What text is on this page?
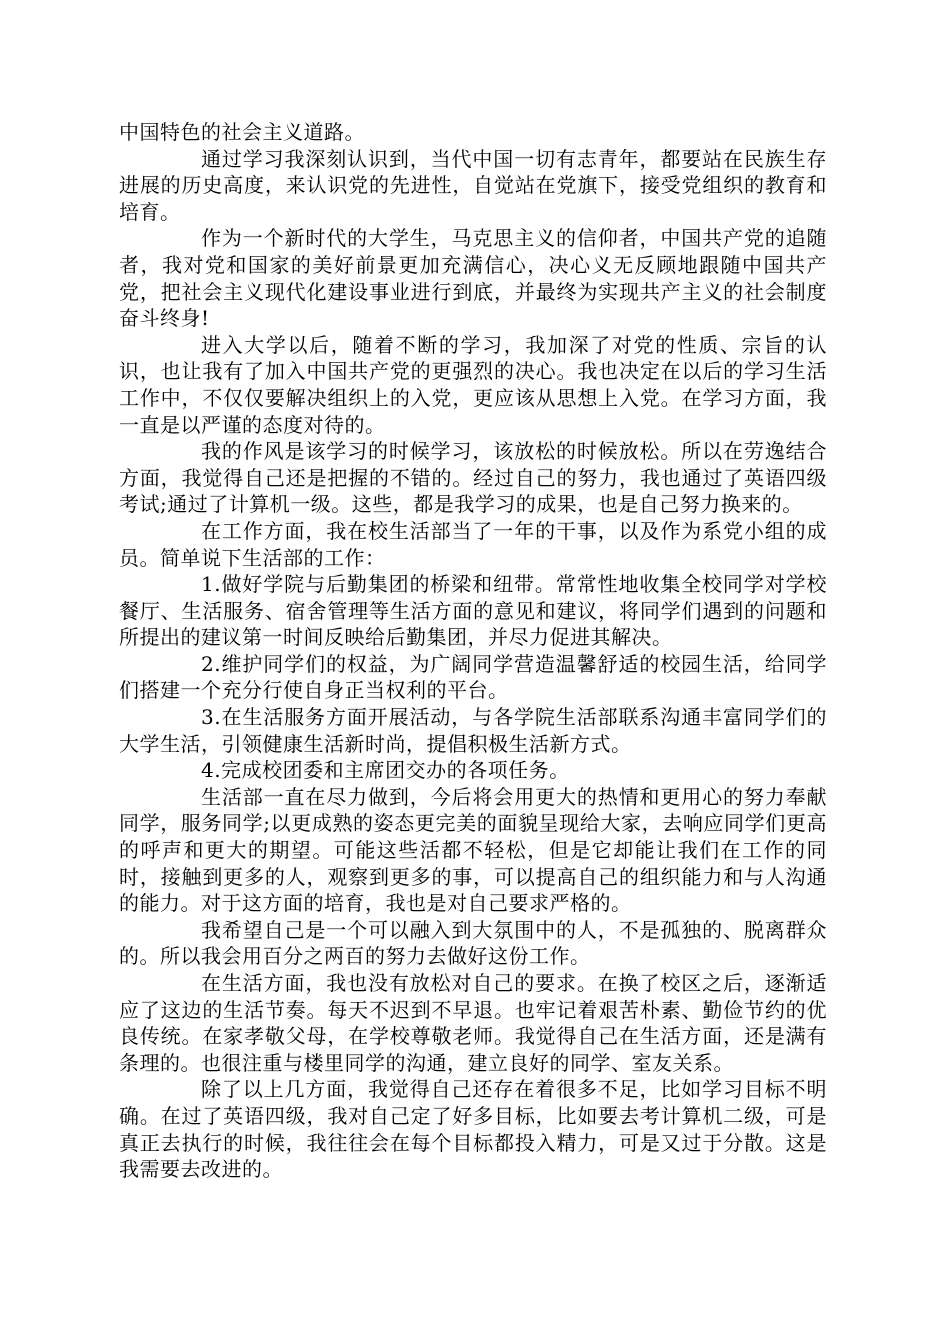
中国特色的社会主义道路。

通过学习我深刻认识到，当代中国一切有志青年，都要站在民族生存进展的历史高度，来认识党的先进性，自觉站在党旗下，接受党组织的教育和培育。

作为一个新时代的大学生，马克思主义的信仰者，中国共产党的追随者，我对党和国家的美好前景更加充满信心，决心义无反顾地跟随中国共产党，把社会主义现代化建设事业进行到底，并最终为实现共产主义的社会制度奋斗终身!

进入大学以后，随着不断的学习，我加深了对党的性质、宗旨的认识，也让我有了加入中国共产党的更强烈的决心。我也决定在以后的学习生活工作中，不仅仅要解决组织上的入党，更应该从思想上入党。在学习方面，我一直是以严谨的态度对待的。

我的作风是该学习的时候学习，该放松的时候放松。所以在劳逸结合方面，我觉得自己还是把握的不错的。经过自己的努力，我也通过了英语四级考试;通过了计算机一级。这些，都是我学习的成果，也是自己努力换来的。

在工作方面，我在校生活部当了一年的干事，以及作为系党小组的成员。简单说下生活部的工作：

1.做好学院与后勤集团的桥梁和纽带。常常性地收集全校同学对学校餐厅、生活服务、宿舍管理等生活方面的意见和建议，将同学们遇到的问题和所提出的建议第一时间反映给后勤集团，并尽力促进其解决。

2.维护同学们的权益，为广阔同学营造温馨舒适的校园生活，给同学们搭建一个充分行使自身正当权利的平台。

3.在生活服务方面开展活动，与各学院生活部联系沟通丰富同学们的大学生活，引领健康生活新时尚，提倡积极生活新方式。

4.完成校团委和主席团交办的各项任务。

生活部一直在尽力做到，今后将会用更大的热情和更用心的努力奉献同学，服务同学;以更成熟的姿态更完美的面貌呈现给大家，去响应同学们更高的呼声和更大的期望。可能这些活都不轻松，但是它却能让我们在工作的同时，接触到更多的人，观察到更多的事，可以提高自己的组织能力和与人沟通的能力。对于这方面的培育，我也是对自己要求严格的。

我希望自己是一个可以融入到大氛围中的人，不是孤独的、脱离群众的。所以我会用百分之两百的努力去做好这份工作。

在生活方面，我也没有放松对自己的要求。在换了校区之后，逐渐适应了这边的生活节奏。每天不迟到不早退。也牢记着艰苦朴素、勤俭节约的优良传统。在家孝敬父母，在学校尊敬老师。我觉得自己在生活方面，还是满有条理的。也很注重与楼里同学的沟通，建立良好的同学、室友关系。

除了以上几方面，我觉得自己还存在着很多不足，比如学习目标不明确。在过了英语四级，我对自己定了好多目标，比如要去考计算机二级，可是真正去执行的时候，我往往会在每个目标都投入精力，可是又过于分散。这是我需要去改进的。
